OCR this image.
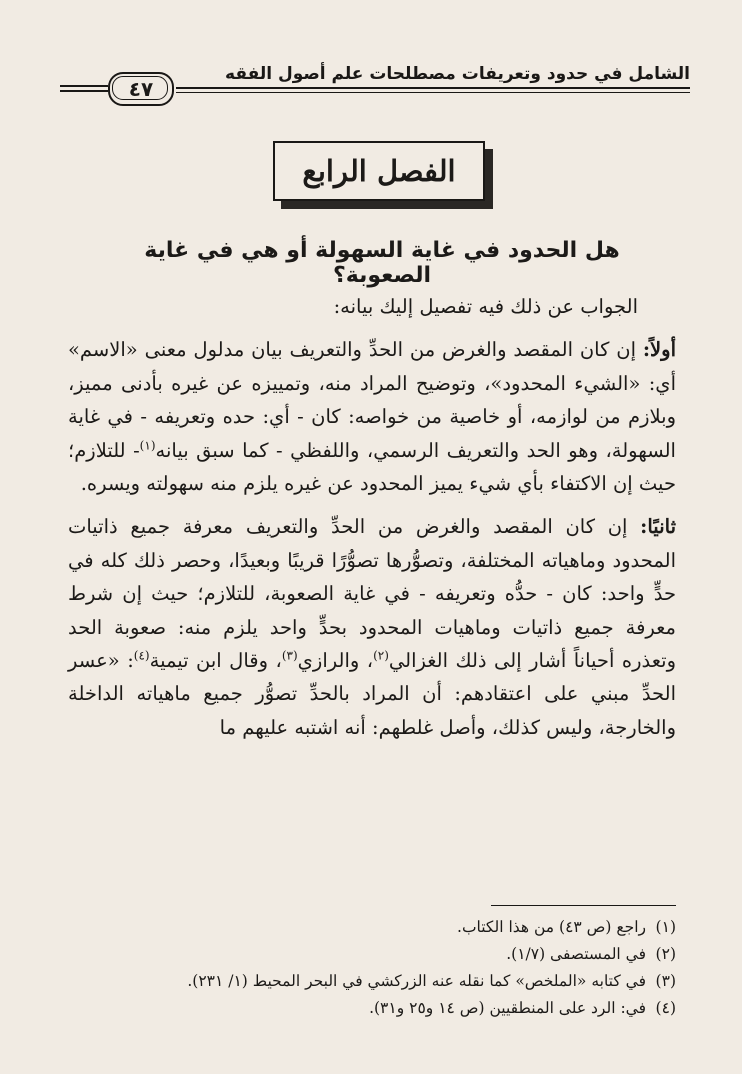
الشامل في حدود وتعريفات مصطلحات علم أصول الفقه
٤٧
الفصل الرابع
هل الحدود في غاية السهولة أو هي في غاية الصعوبة؟

الجواب عن ذلك فيه تفصيل إليك بيانه:

أولاً: إن كان المقصد والغرض من الحدِّ والتعريف بيان مدلول معنى «الاسم» أي: «الشيء المحدود»، وتوضيح المراد منه، وتمييزه عن غيره بأدنى مميز، وبلازم من لوازمه، أو خاصية من خواصه: كان - أي: حده وتعريفه - في غاية السهولة، وهو الحد والتعريف الرسمي، واللفظي - كما سبق بيانه$^{(١)}$- للتلازم؛ حيث إن الاكتفاء بأي شيء يميز المحدود عن غيره يلزم منه سهولته ويسره.

ثانيًا: إن كان المقصد والغرض من الحدِّ والتعريف معرفة جميع ذاتيات المحدود وماهياته المختلفة، وتصوُّرها تصوُّرًا قريبًا وبعيدًا، وحصر ذلك كله في حدٍّ واحد: كان - حدُّه وتعريفه - في غاية الصعوبة، للتلازم؛ حيث إن شرط معرفة جميع ذاتيات وماهيات المحدود بحدٍّ واحد يلزم منه: صعوبة الحد وتعذره أحياناً أشار إلى ذلك الغزالي$^{(٢)}$، والرازي$^{(٣)}$، وقال ابن تيمية$^{(٤)}$: «عسر الحدِّ مبني على اعتقادهم: أن المراد بالحدِّ تصوُّر جميع ماهياته الداخلة والخارجة، وليس كذلك، وأصل غلطهم: أنه اشتبه عليهم ما

(١)راجع (ص ٤٣) من هذا الكتاب.
(٢)في المستصفى (١/٧).
(٣)في كتابه «الملخص» كما نقله عنه الزركشي في البحر المحيط (١/ ٢٣١).
(٤)في: الرد على المنطقيين (ص ١٤ و٢٥ و٣١).
